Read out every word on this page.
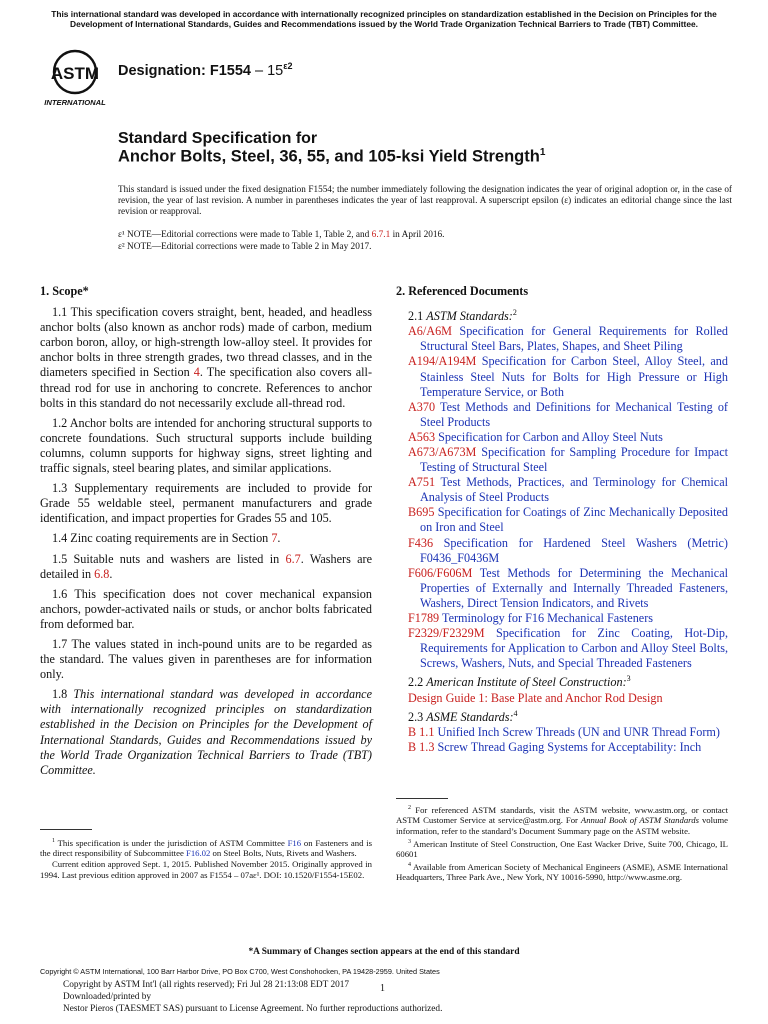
This international standard was developed in accordance with internationally recognized principles on standardization established in the Decision on Principles for the Development of International Standards, Guides and Recommendations issued by the World Trade Organization Technical Barriers to Trade (TBT) Committee.
ASTM
INTERNATIONAL
Designation: $F1554 - 15^{\varepsilon 2}$
Standard Specification for
Anchor Bolts, Steel, 36, 55, and 105-ksi Yield Strength$^1$
This standard is issued under the fixed designation F1554; the number immediately following the designation indicates the year of original adoption or, in the case of revision, the year of last revision. A number in parentheses indicates the year of last reapproval. A superscript epsilon (ε) indicates an editorial change since the last revision or reapproval.
ε¹ NOTE—Editorial corrections were made to Table 1, Table 2, and 6.7.1 in April 2016.
ε² NOTE—Editorial corrections were made to Table 2 in May 2017.
1. Scope*
1.1 This specification covers straight, bent, headed, and headless anchor bolts (also known as anchor rods) made of carbon, medium carbon boron, alloy, or high-strength low-alloy steel. It provides for anchor bolts in three strength grades, two thread classes, and in the diameters specified in Section 4. The specification also covers all-thread rod for use in anchoring to concrete. References to anchor bolts in this standard do not necessarily exclude all-thread rod.
1.2 Anchor bolts are intended for anchoring structural supports to concrete foundations. Such structural supports include building columns, column supports for highway signs, street lighting and traffic signals, steel bearing plates, and similar applications.
1.3 Supplementary requirements are included to provide for Grade 55 weldable steel, permanent manufacturers and grade identification, and impact properties for Grades 55 and 105.
1.4 Zinc coating requirements are in Section 7.
1.5 Suitable nuts and washers are listed in 6.7. Washers are detailed in 6.8.
1.6 This specification does not cover mechanical expansion anchors, powder-activated nails or studs, or anchor bolts fabricated from deformed bar.
1.7 The values stated in inch-pound units are to be regarded as the standard. The values given in parentheses are for information only.
1.8 This international standard was developed in accordance with internationally recognized principles on standardization established in the Decision on Principles for the Development of International Standards, Guides and Recommendations issued by the World Trade Organization Technical Barriers to Trade (TBT) Committee.
2. Referenced Documents
2.1 ASTM Standards:$^2$
A6/A6M Specification for General Requirements for Rolled Structural Steel Bars, Plates, Shapes, and Sheet Piling
A194/A194M Specification for Carbon Steel, Alloy Steel, and Stainless Steel Nuts for Bolts for High Pressure or High Temperature Service, or Both
A370 Test Methods and Definitions for Mechanical Testing of Steel Products
A563 Specification for Carbon and Alloy Steel Nuts
A673/A673M Specification for Sampling Procedure for Impact Testing of Structural Steel
A751 Test Methods, Practices, and Terminology for Chemical Analysis of Steel Products
B695 Specification for Coatings of Zinc Mechanically Deposited on Iron and Steel
F436 Specification for Hardened Steel Washers (Metric) F0436_F0436M
F606/F606M Test Methods for Determining the Mechanical Properties of Externally and Internally Threaded Fasteners, Washers, Direct Tension Indicators, and Rivets
F1789 Terminology for F16 Mechanical Fasteners
F2329/F2329M Specification for Zinc Coating, Hot-Dip, Requirements for Application to Carbon and Alloy Steel Bolts, Screws, Washers, Nuts, and Special Threaded Fasteners
2.2 American Institute of Steel Construction:$^3$
Design Guide 1: Base Plate and Anchor Rod Design
2.3 ASME Standards:$^4$
B 1.1 Unified Inch Screw Threads (UN and UNR Thread Form)
B 1.3 Screw Thread Gaging Systems for Acceptability: Inch

$^1$ This specification is under the jurisdiction of ASTM Committee F16 on Fasteners and is the direct responsibility of Subcommittee F16.02 on Steel Bolts, Nuts, Rivets and Washers.

Current edition approved Sept. 1, 2015. Published November 2015. Originally approved in 1994. Last previous edition approved in 2007 as F1554 – 07aε¹. DOI: 10.1520/F1554-15E02.

$^2$ For referenced ASTM standards, visit the ASTM website, www.astm.org, or contact ASTM Customer Service at service@astm.org. For Annual Book of ASTM Standards volume information, refer to the standard’s Document Summary page on the ASTM website.

$^3$ American Institute of Steel Construction, One East Wacker Drive, Suite 700, Chicago, IL 60601

$^4$ Available from American Society of Mechanical Engineers (ASME), ASME International Headquarters, Three Park Ave., New York, NY 10016-5990, http://www.asme.org.

*A Summary of Changes section appears at the end of this standard
Copyright © ASTM International, 100 Barr Harbor Drive, PO Box C700, West Conshohocken, PA 19428-2959. United States
Copyright by ASTM Int'l (all rights reserved); Fri Jul 28 21:13:08 EDT 2017
Downloaded/printed by
Nestor Pieros (TAESMET SAS) pursuant to License Agreement. No further reproductions authorized.
1
